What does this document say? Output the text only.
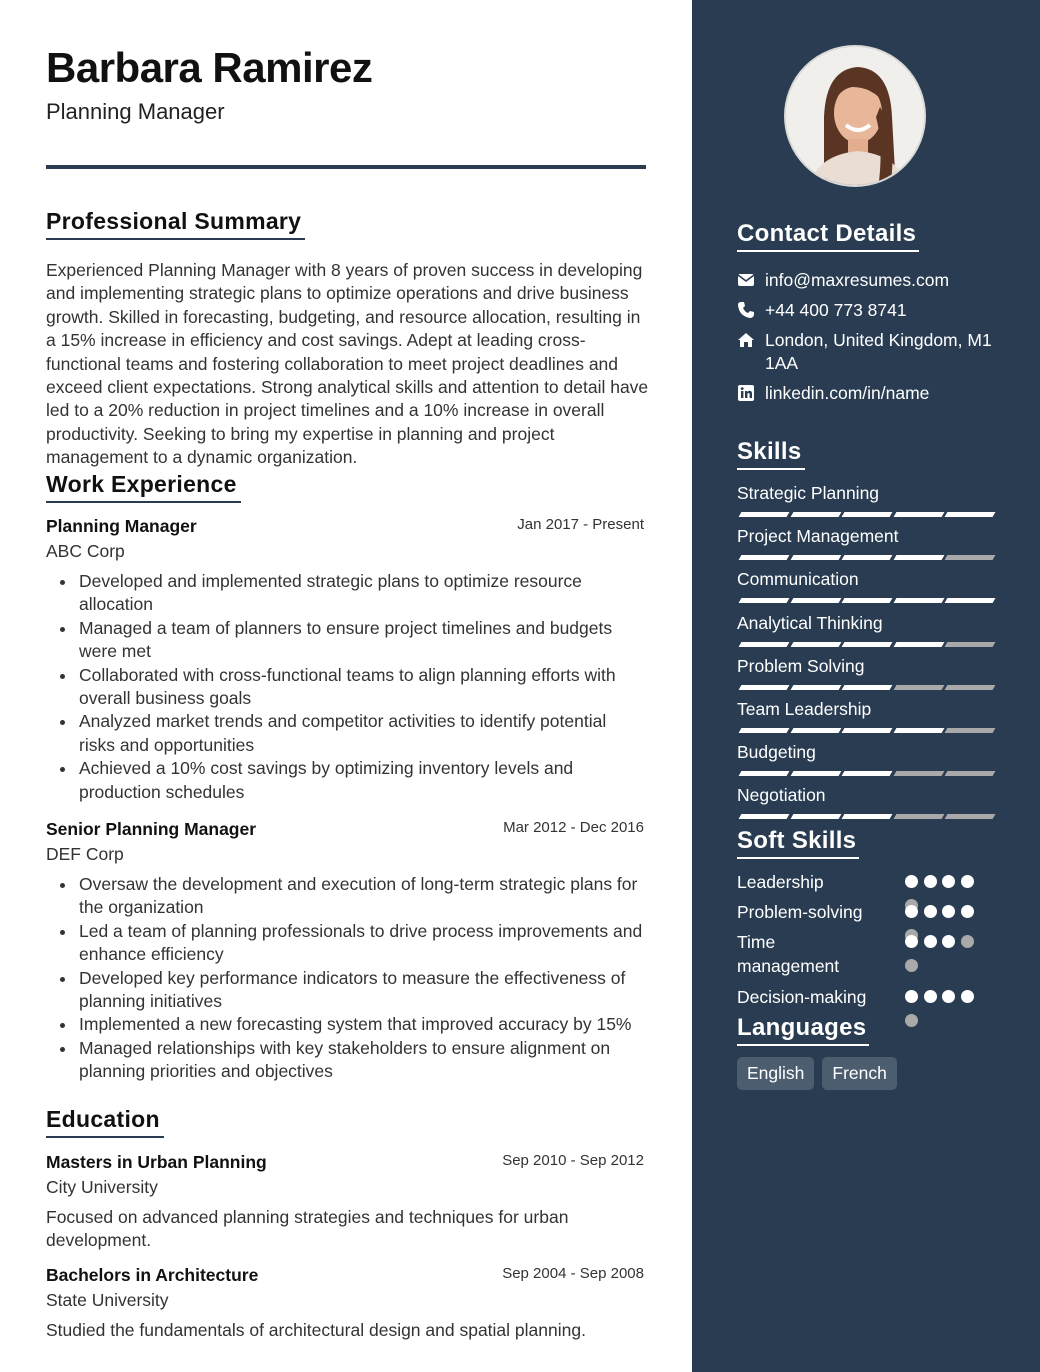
Barbara Ramirez
Planning Manager
Professional Summary
Experienced Planning Manager with 8 years of proven success in developing and implementing strategic plans to optimize operations and drive business growth. Skilled in forecasting, budgeting, and resource allocation, resulting in a 15% increase in efficiency and cost savings. Adept at leading cross-functional teams and fostering collaboration to meet project deadlines and exceed client expectations. Strong analytical skills and attention to detail have led to a 20% reduction in project timelines and a 10% increase in overall productivity. Seeking to bring my expertise in planning and project management to a dynamic organization.
Work Experience
Planning Manager	Jan 2017 - Present
ABC Corp
Developed and implemented strategic plans to optimize resource allocation
Managed a team of planners to ensure project timelines and budgets were met
Collaborated with cross-functional teams to align planning efforts with overall business goals
Analyzed market trends and competitor activities to identify potential risks and opportunities
Achieved a 10% cost savings by optimizing inventory levels and production schedules
Senior Planning Manager	Mar 2012 - Dec 2016
DEF Corp
Oversaw the development and execution of long-term strategic plans for the organization
Led a team of planning professionals to drive process improvements and enhance efficiency
Developed key performance indicators to measure the effectiveness of planning initiatives
Implemented a new forecasting system that improved accuracy by 15%
Managed relationships with key stakeholders to ensure alignment on planning priorities and objectives
Education
Masters in Urban Planning	Sep 2010 - Sep 2012
City University
Focused on advanced planning strategies and techniques for urban development.
Bachelors in Architecture	Sep 2004 - Sep 2008
State University
Studied the fundamentals of architectural design and spatial planning.
Contact Details
info@maxresumes.com
+44 400 773 8741
London, United Kingdom, M1 1AA
linkedin.com/in/name
Skills
Strategic Planning
Project Management
Communication
Analytical Thinking
Problem Solving
Team Leadership
Budgeting
Negotiation
Soft Skills
Leadership
Problem-solving
Time management
Decision-making
Languages
English	French
